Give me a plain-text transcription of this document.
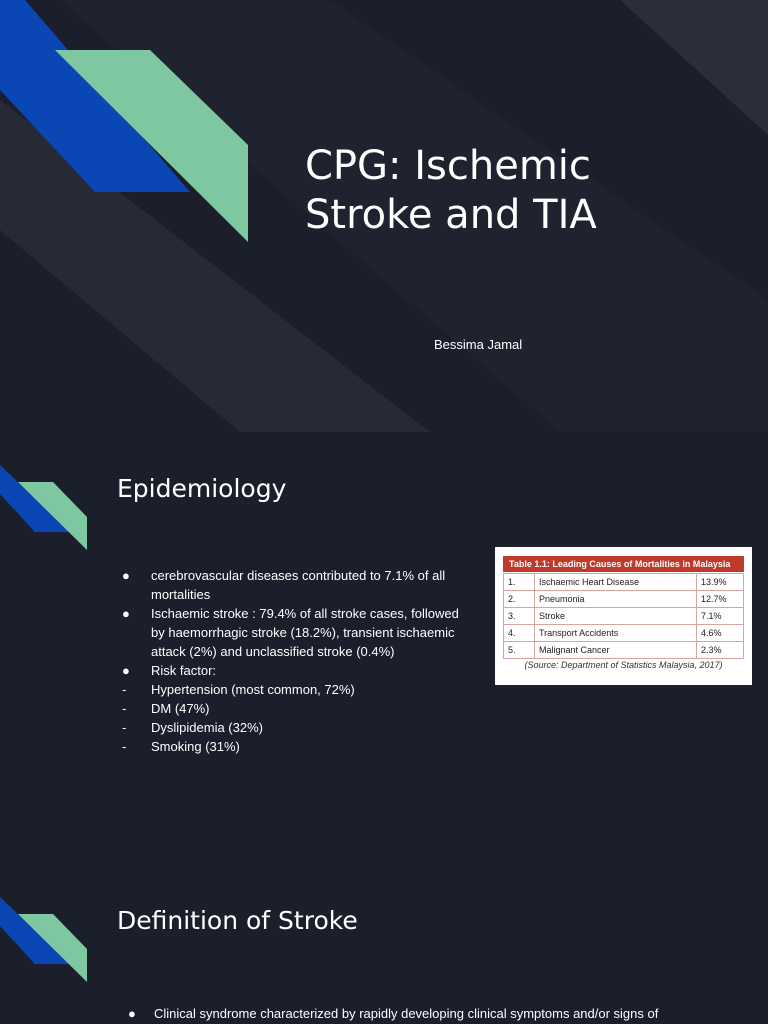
CPG: Ischemic
Stroke and TIA
Bessima Jamal
Epidemiology
●	cerebrovascular diseases contributed to 7.1% of all mortalities
●	Ischaemic stroke : 79.4% of all stroke cases, followed by haemorrhagic stroke (18.2%), transient ischaemic attack (2%) and unclassified stroke (0.4%)
●	Risk factor:
-	Hypertension (most common, 72%)
-	DM (47%)
-	Dyslipidemia (32%)
-	Smoking (31%)
Table 1.1: Leading Causes of Mortalities in Malaysia
1.	Ischaemic Heart Disease	13.9%
2.	Pneumonia	12.7%
3.	Stroke	7.1%
4.	Transport Accidents	4.6%
5.	Malignant Cancer	2.3%
(Source: Department of Statistics Malaysia, 2017)
Definition of Stroke
●	Clinical syndrome characterized by rapidly developing clinical symptoms and/or signs of
